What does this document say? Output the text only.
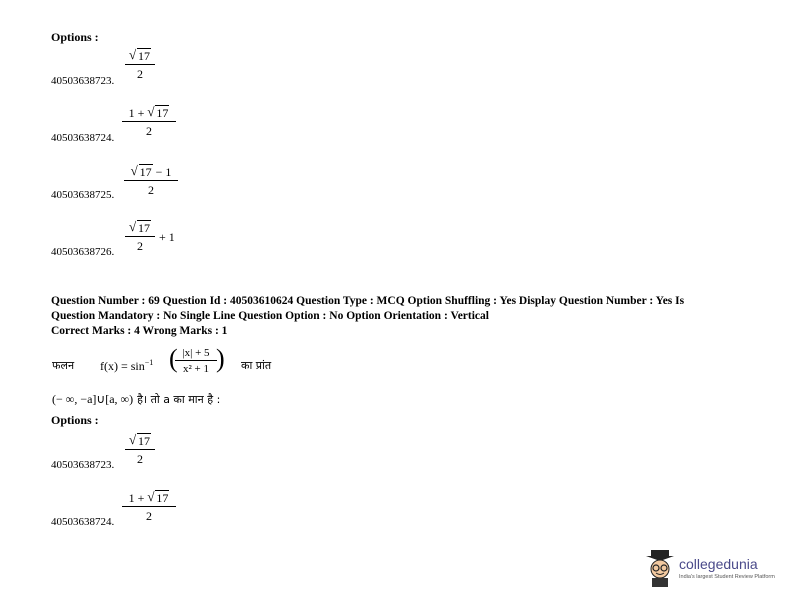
Options :
√ 17
2
40503638723.
1 + √ 17
2
40503638724.
√ 17 − 1
2
40503638725.
√ 17
2
+ 1
40503638726.
Question Number : 69 Question Id : 40503610624 Question Type : MCQ Option Shuffling : Yes Display Question Number : Yes Is
Question Mandatory : No Single Line Question Option : No Option Orientation : Vertical
Correct Marks : 4 Wrong Marks : 1
फलन $f(x) = \sin^{-1}$ ( |x| + 5
x² + 1 ) का प्रांत
(− ∞, −a]∪[a, ∞) है। तो a का मान है :
Options :
√ 17
2
40503638723.
1 + √ 17
2
40503638724.
collegedunia
India's largest Student Review Platform
